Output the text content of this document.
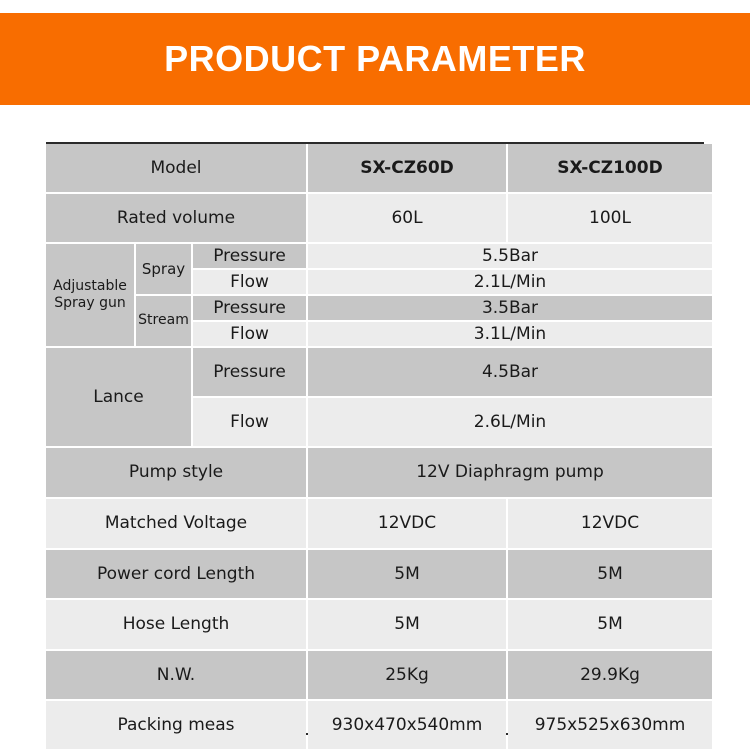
PRODUCT PARAMETER
Model	SX-CZ60D	SX-CZ100D
Rated volume	60L	100L
Adjustable
Spray gun
Spray
Pressure	5.5Bar
Flow	2.1L/Min
Stream
Pressure	3.5Bar
Flow	3.1L/Min
Lance
Pressure	4.5Bar
Flow	2.6L/Min
Pump style	12V Diaphragm pump
Matched Voltage	12VDC	12VDC
Power cord Length	5M	5M
Hose Length	5M	5M
N.W.	25Kg	29.9Kg
Packing meas	930x470x540mm	975x525x630mm
